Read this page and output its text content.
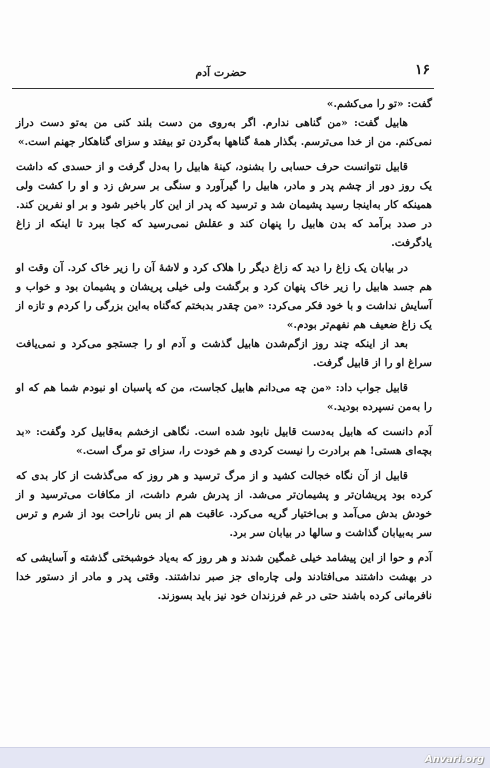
۱۶
حضرت آدم

گفت: «تو را می‌کشم.»

هابیل گفت: «من گناهی ندارم. اگر به‌روی من دست بلند کنی من به‌تو دست دراز نمی‌کنم. من از خدا می‌ترسم. بگذار همهٔ گناهها به‌گردن تو بیفتد و سزای گناهکار جهنم است.»

قابیل نتوانست حرف حسابی را بشنود، کینهٔ هابیل را به‌دل گرفت و از حسدی که داشت یک روز دور از چشم پدر و مادر، هابیل را گیرآورد و سنگی بر سرش زد و او را کشت ولی همینکه کار به‌اینجا رسید پشیمان شد و ترسید که پدر از این کار باخبر شود و بر او نفرین کند. در صدد برآمد که بدن هابیل را پنهان کند و عقلش نمی‌رسید که کجا ببرد تا اینکه از زاغ یادگرفت.

در بیابان یک زاغ را دید که زاغ دیگر را هلاک کرد و لاشهٔ آن را زیر خاک کرد. آن وقت او هم جسد هابیل را زیر خاک پنهان کرد و برگشت ولی خیلی پریشان و پشیمان بود و خواب و آسایش نداشت و با خود فکر می‌کرد: «من چقدر بدبختم که‌گناه به‌این بزرگی را کردم و تازه از یک زاغ ضعیف هم نفهم‌تر بودم.»

بعد از اینکه چند روز از‌گم‌شدن هابیل گذشت و آدم او را جستجو می‌کرد و نمی‌یافت سراغ او را از قابیل گرفت.

قابیل جواب داد: «من چه می‌دانم هابیل کجاست، من که پاسبان او نبودم شما هم که او را به‌من نسپرده بودید.»

آدم دانست که هابیل به‌دست قابیل نابود شده است. نگاهی ازخشم به‌قابیل کرد وگفت: «بد بچه‌ای هستی! هم برادرت را نیست کردی و هم خودت را، سزای تو مرگ است.»

قابیل از آن نگاه خجالت کشید و از مرگ ترسید و هر روز که می‌گذشت از کار بدی که کرده بود پریشان‌تر و پشیمان‌تر می‌شد. از پدرش شرم داشت، از مکافات می‌ترسید و از خودش بدش می‌آمد و بی‌اختیار گریه می‌کرد. عاقبت هم از بس ناراحت بود از شرم و ترس سر به‌بیابان گذاشت و سالها در بیابان سر برد.

آدم و حوا از این پیشامد خیلی غمگین شدند و هر روز که به‌یاد خوشبختی گذشته و آسایشی که در بهشت داشتند می‌افتادند ولی چاره‌ای جز صبر نداشتند. وقتی پدر و مادر از دستور خدا نافرمانی کرده باشند حتی در غم فرزندان خود نیز باید بسوزند.

Anvari.org
